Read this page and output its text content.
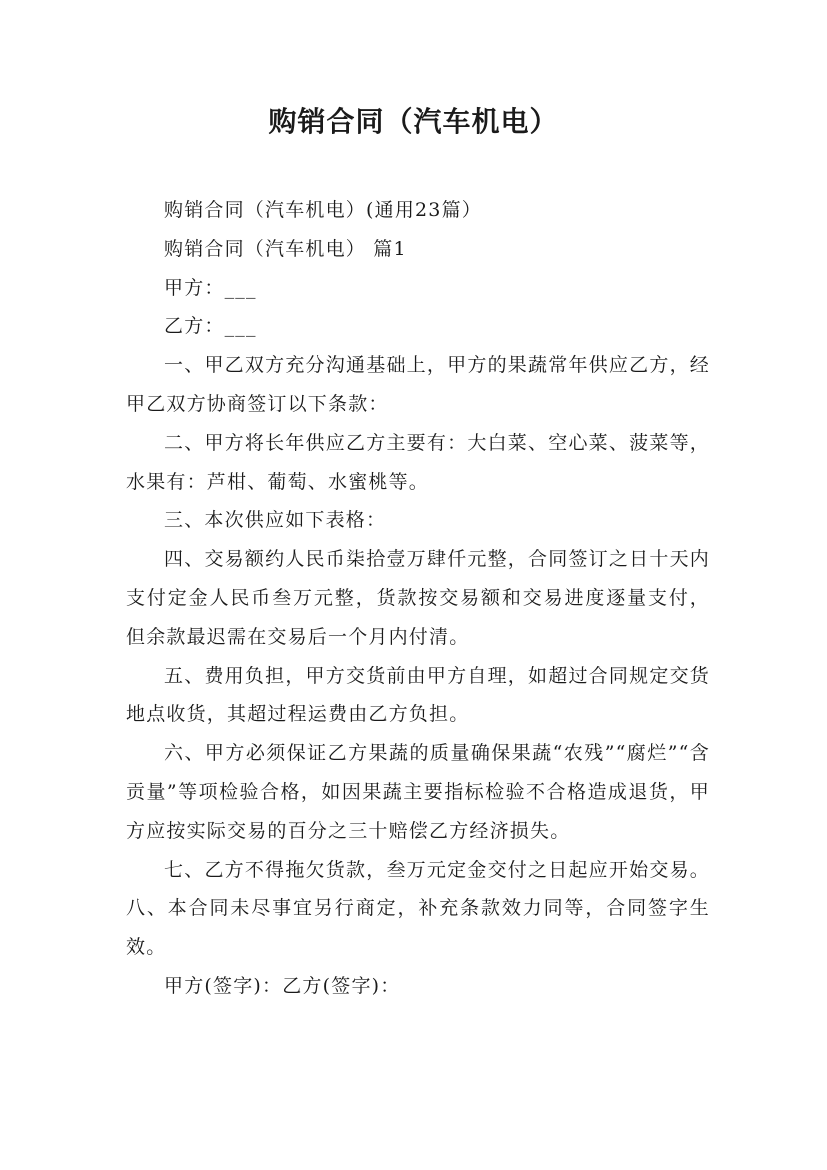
购销合同（汽车机电）

购销合同（汽车机电）(通用23篇）

购销合同（汽车机电） 篇1

甲方：___

乙方：___

一、甲乙双方充分沟通基础上，甲方的果蔬常年供应乙方，经甲乙双方协商签订以下条款：

二、甲方将长年供应乙方主要有：大白菜、空心菜、菠菜等，水果有：芦柑、葡萄、水蜜桃等。

三、本次供应如下表格：

四、交易额约人民币柒拾壹万肆仟元整，合同签订之日十天内支付定金人民币叁万元整，货款按交易额和交易进度逐量支付，但余款最迟需在交易后一个月内付清。

五、费用负担，甲方交货前由甲方自理，如超过合同规定交货地点收货，其超过程运费由乙方负担。

六、甲方必须保证乙方果蔬的质量确保果蔬“农残”“腐烂”“含贡量”等项检验合格，如因果蔬主要指标检验不合格造成退货，甲方应按实际交易的百分之三十赔偿乙方经济损失。

七、乙方不得拖欠货款，叁万元定金交付之日起应开始交易。八、本合同未尽事宜另行商定，补充条款效力同等，合同签字生效。

甲方(签字)：乙方(签字)：
